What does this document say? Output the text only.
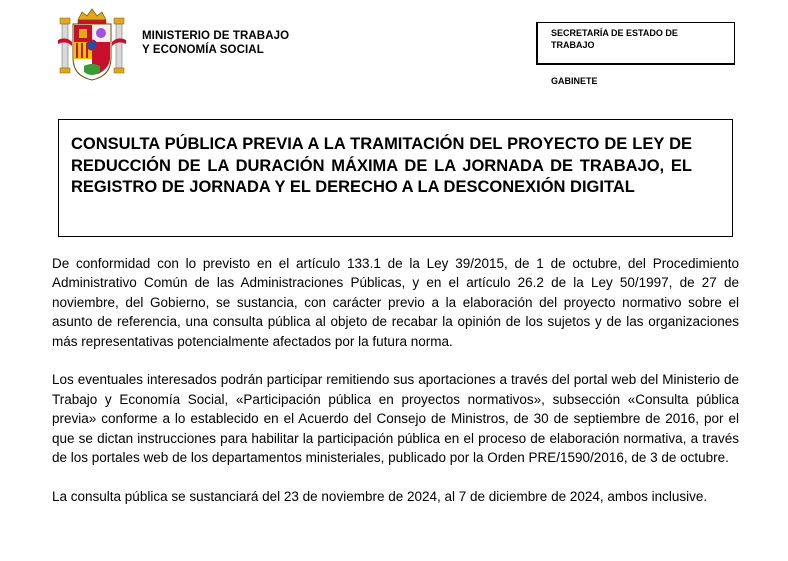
MINISTERIO DE TRABAJO
Y ECONOMÍA SOCIAL
SECRETARÍA DE ESTADO DE
TRABAJO
GABINETE

CONSULTA PÚBLICA PREVIA A LA TRAMITACIÓN DEL PROYECTO DE LEY DE REDUCCIÓN DE LA DURACIÓN MÁXIMA DE LA JORNADA DE TRABAJO, EL REGISTRO DE JORNADA Y EL DERECHO A LA DESCONEXIÓN DIGITAL

De conformidad con lo previsto en el artículo 133.1 de la Ley 39/2015, de 1 de octubre, del Procedimiento Administrativo Común de las Administraciones Públicas, y en el artículo 26.2 de la Ley 50/1997, de 27 de noviembre, del Gobierno, se sustancia, con carácter previo a la elaboración del proyecto normativo sobre el asunto de referencia, una consulta pública al objeto de recabar la opinión de los sujetos y de las organizaciones más representativas potencialmente afectados por la futura norma.

Los eventuales interesados podrán participar remitiendo sus aportaciones a través del portal web del Ministerio de Trabajo y Economía Social, «Participación pública en proyectos normativos», subsección «Consulta pública previa» conforme a lo establecido en el Acuerdo del Consejo de Ministros, de 30 de septiembre de 2016, por el que se dictan instrucciones para habilitar la participación pública en el proceso de elaboración normativa, a través de los portales web de los departamentos ministeriales, publicado por la Orden PRE/1590/2016, de 3 de octubre.

La consulta pública se sustanciará del 23 de noviembre de 2024, al 7 de diciembre de 2024, ambos inclusive.
